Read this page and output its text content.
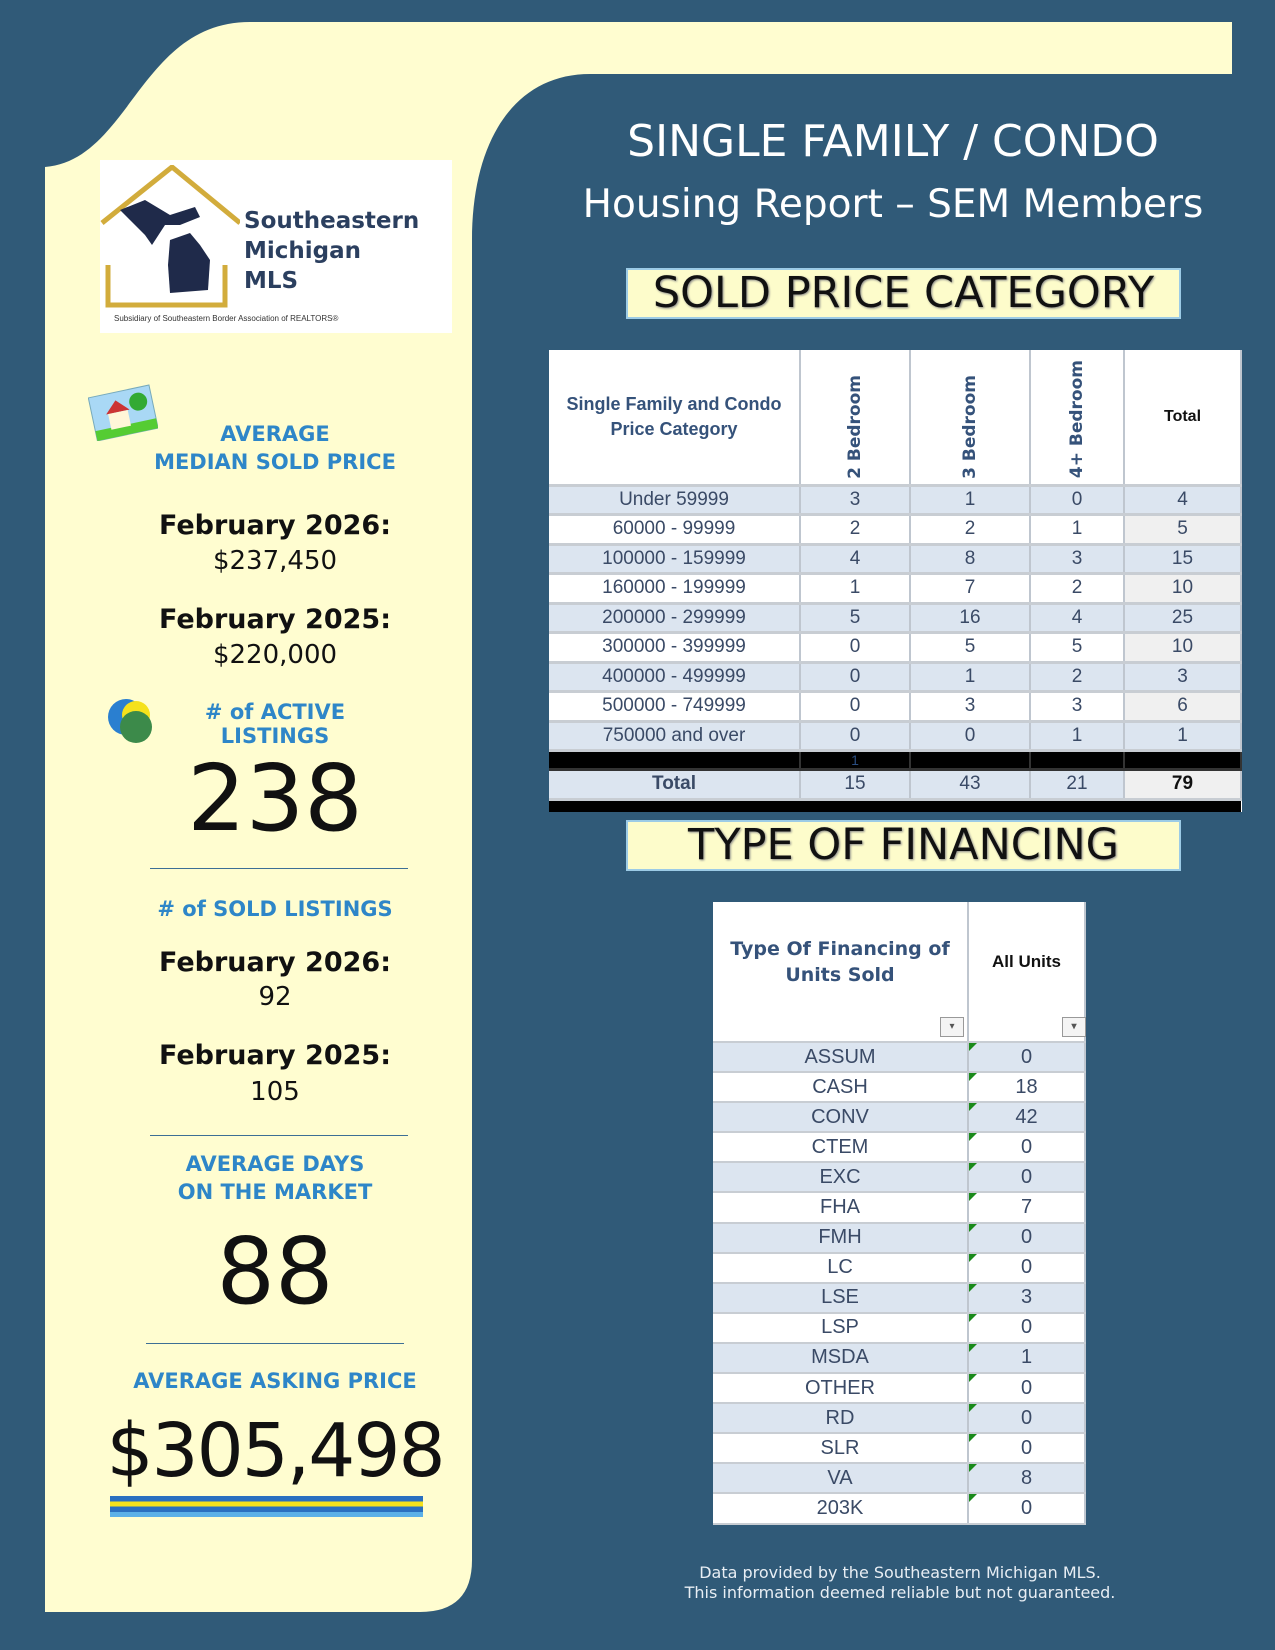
Southeastern
Michigan
MLS
Subsidiary of Southeastern Border Association of REALTORS®
AVERAGE
MEDIAN SOLD PRICE
February 2026:
$237,450
February 2025:
$220,000
# of ACTIVE LISTINGS
238
# of SOLD LISTINGS
February 2026:
92
February 2025:
105
AVERAGE DAYS
ON THE MARKET
88
AVERAGE ASKING PRICE
$305,498
SINGLE FAMILY / CONDO
Housing Report – SEM Members
SOLD PRICE CATEGORY
Single Family and Condo Price Category	2 Bedroom	3 Bedroom	4+ Bedroom	Total
Under 59999	3	1	0	4
60000 - 99999	2	2	1	5
100000 - 159999	4	8	3	15
160000 - 199999	1	7	2	10
200000 - 299999	5	16	4	25
300000 - 399999	0	5	5	10
400000 - 499999	0	1	2	3
500000 - 749999	0	3	3	6
750000 and over	0	0	1	1
	1			
Total	15	43	21	79

TYPE OF FINANCING
Type Of Financing of Units Sold
▾	All Units
▾

ASSUM	0
CASH	18
CONV	42
CTEM	0
EXC	0
FHA	7
FMH	0
LC	0
LSE	3
LSP	0
MSDA	1
OTHER	0
RD	0
SLR	0
VA	8
203K	0
Data provided by the Southeastern Michigan MLS.
This information deemed reliable but not guaranteed.
